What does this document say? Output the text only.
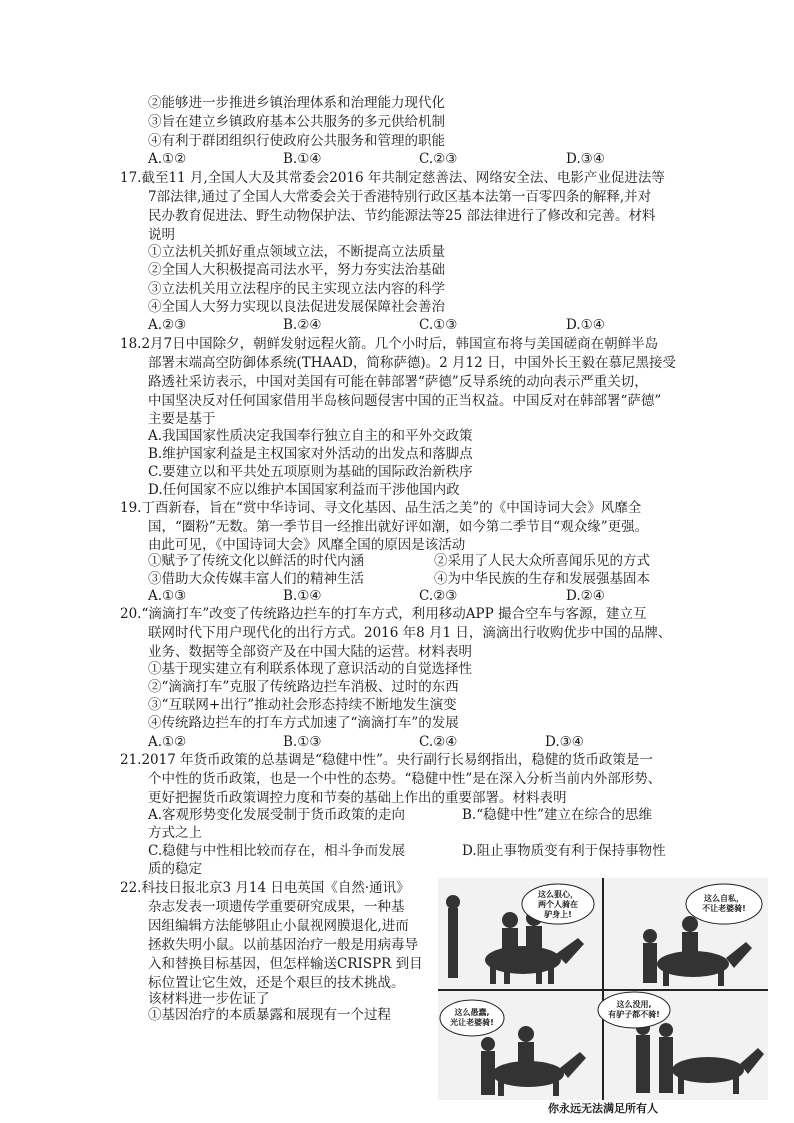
②能够进一步推进乡镇治理体系和治理能力现代化
③旨在建立乡镇政府基本公共服务的多元供给机制
④有利于群团组织行使政府公共服务和管理的职能
A.①②	B.①④	C.②③	D.③④
17.截至11 月,全国人大及其常委会2016 年共制定慈善法、网络安全法、电影产业促进法等
7部法律,通过了全国人大常委会关于香港特别行政区基本法第一百零四条的解释,并对
民办教育促进法、野生动物保护法、节约能源法等25 部法律进行了修改和完善。材料
说明
①立法机关抓好重点领域立法，不断提高立法质量
②全国人大积极提高司法水平，努力夯实法治基础
③立法机关用立法程序的民主实现立法内容的科学
④全国人大努力实现以良法促进发展保障社会善治
A.②③	B.②④	C.①③	D.①④
18.2月7日中国除夕，朝鲜发射远程火箭。几个小时后，韩国宣布将与美国磋商在朝鲜半岛
部署末端高空防御体系统(THAAD，简称萨德)。2 月12 日，中国外长王毅在慕尼黑接受
路透社采访表示，中国对美国有可能在韩部署“萨德”反导系统的动向表示严重关切，
中国坚决反对任何国家借用半岛核问题侵害中国的正当权益。中国反对在韩部署“萨德”
主要是基于
A.我国国家性质决定我国奉行独立自主的和平外交政策
B.维护国家利益是主权国家对外活动的出发点和落脚点
C.要建立以和平共处五项原则为基础的国际政治新秩序
D.任何国家不应以维护本国国家利益而干涉他国内政
19.丁酉新春，旨在“赏中华诗词、寻文化基因、品生活之美”的《中国诗词大会》风靡全
国，“圈粉”无数。第一季节目一经推出就好评如潮，如今第二季节目“观众缘”更强。
由此可见，《中国诗词大会》风靡全国的原因是该活动
①赋予了传统文化以鲜活的时代内涵	②采用了人民大众所喜闻乐见的方式
③借助大众传媒丰富人们的精神生活	④为中华民族的生存和发展强基固本
A.①③	B.①④	C.②③	D.②④
20.“滴滴打车”改变了传统路边拦车的打车方式，利用移动APP 撮合空车与客源，建立互
联网时代下用户现代化的出行方式。2016 年8 月1 日，滴滴出行收购优步中国的品牌、
业务、数据等全部资产及在中国大陆的运营。材料表明
①基于现实建立有利联系体现了意识活动的自觉选择性
②“滴滴打车”克服了传统路边拦车消极、过时的东西
③“互联网+出行”推动社会形态持续不断地发生演变
④传统路边拦车的打车方式加速了“滴滴打车”的发展
A.①②	B.①③	C.②④	D.③④
21.2017 年货币政策的总基调是“稳健中性”。央行副行长易纲指出，稳健的货币政策是一
个中性的货币政策，也是一个中性的态势。“稳健中性”是在深入分析当前内外部形势、
更好把握货币政策调控力度和节奏的基础上作出的重要部署。材料表明
A.客观形势变化发展受制于货币政策的走向	B.“稳健中性”建立在综合的思维
方式之上
C.稳健与中性相比较而存在，相斗争而发展	D.阻止事物质变有利于保持事物性
质的稳定
22.科技日报北京3 月14 日电英国《自然·通讯》
杂志发表一项遗传学重要研究成果，一种基
因组编辑方法能够阻止小鼠视网膜退化,进而
拯救失明小鼠。以前基因治疗一般是用病毒导
入和替换目标基因，但怎样输送CRISPR 到目
标位置让它生效，还是个艰巨的技术挑战。
该材料进一步佐证了
①基因治疗的本质暴露和展现有一个过程
这么狠心，
两个人骑在
驴身上!
这么自私，
不让老婆骑!
这么愚蠢,
光让老婆骑!
这么没用,
有驴子都不骑!
你永远无法满足所有人
